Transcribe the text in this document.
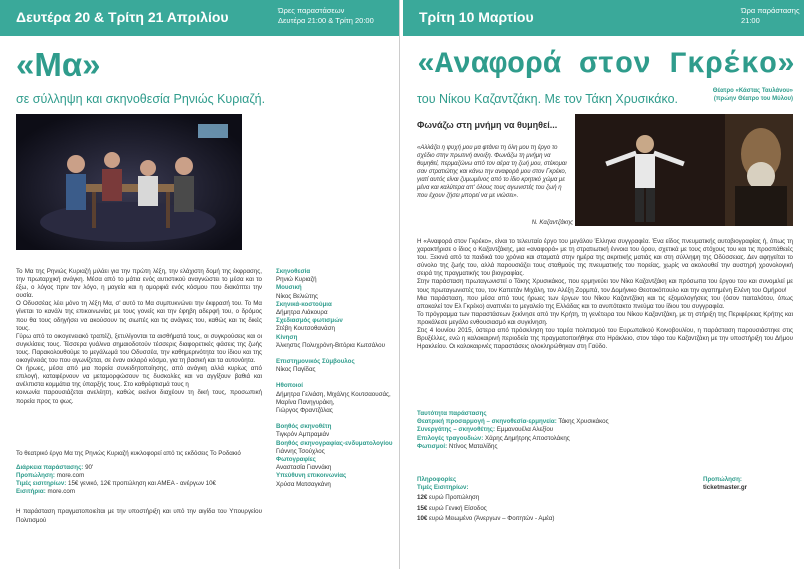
Δευτέρα 20 & Τρίτη 21 Απριλίου	Ώρες παραστάσεων
Δευτέρα 21:00 & Τρίτη 20:00
«Μα»
σε σύλληψη και σκηνοθεσία Ρηνιώς Κυριαζή.

Το Μα της Ρηνιώς Κυριαζή μιλάει για την πρώτη λέξη, την ελάχιστη δομή της έκφρασης, την πρωταρχική ανάγκη. Μέσα από το μάτια ενός αυτιστικού αναγνώστει το μέσα και το έξω, ο λόγος πριν τον λόγο, η μαγεία και η ομορφιά ενός κόσμου που διακόπτει την ουσία.

Ο Οδυσσέας λέει μόνο τη λέξη Μα, σ' αυτό το Μα συμπυκνώνει την έκφρασή του. Το Μα γίνεται το κανάλι της επικοινωνίας με τους γονείς και την έφηβη αδερφή του, ο δρόμος που θα τους οδηγήσει να ακούσουν τις σιωπές και τις ανάγκες του, καθώς και τις δικές τους.

Γύρω από το οικογενειακό τραπέζι, ξετυλίγονται τα αισθήματά τους, οι συγκρούσεις και οι συγκλίσεις τους. Τέσσερα γυάλινα σημαιοδοτούν τέσσερις διαφορετικές φάσεις της ζωής τους. Παρακολουθούμε το μεγάλωμά του Οδυσσέα, την καθημερινότητα του ίδιου και της οικογένειάς του που αγωνίζεται, σε έναν ακλαρό κόσμο, για τη βασική και τα αυτονόητα.

Οι ήρωες, μέσα από μια πορεία συνειδητοποίησης, από ανάγκη αλλά κυρίως από επιλογή, καταφέρνουν να μεταμορφώσουν τις δυσκολίες και να αγγίξουν βαθιά και ανέλπιστα κομμάτια της ύπαρξής τους. Στο καθρέφτισμά τους η

κοινωνία παρουσιάζεται ανελέητη, καθώς εκείνοι διαχέουν τη δική τους, προσωπική πορεία προς το φως.

Το θεατρικό έργο Μα της Ρηνιώς Κυριαζή κυκλοφορεί από τις εκδόσεις Το Ροδακιό

Διάρκεια παράστασης: 90'

Προπώληση: more.com

Τιμές εισιτηρίων: 15€ γενικό, 12€ προπώληση και ΑΜΕΑ - ανέργων 10€

Εισιτήρια: more.com

Η παράσταση πραγματοποιείται με την υποστήριξη και υπό την αιγίδα του Υπουργείου Πολιτισμού

Σκηνοθεσία
Ρηνιώ Κυριαζή
Μουσική
Νίκος Βελιώτης
Σκηνικά-κοστούμια
Δήμητρα Λιάκουρα
Σχεδιασμός φωτισμών
Στέβη Κουτσοθανάση
Κίνηση
Άλκηστις Πολυχρόνη-Βιτόρια Κωτσάλου
Επιστημονικός Σύμβουλος
Νίκος Παγίδας
Ηθοποιοί
Δήμητρα Γελιάση, Μιχάλης Κουτσαουσάς,
Μαρίνα Πανηγυράκη,
Γιώργος Φραντζόλας
Βοηθός σκηνοθέτη
Τιγκρόν Αμπραμιάν
Βοηθός σκηνογραφίας-ενδυματολογίου
Γιάννης Τσούχλος
Φωτογραφίες
Αναστασία Γιαννάκη
Υπεύθυνη επικοινωνίας
Χρύσα Ματσαγκάνη
Τρίτη 10 Μαρτίου	Ώρα παράστασης
21:00
«Αναφορά στον Γκρέκο»
του Νίκου Καζαντζάκη. Με τον Τάκη Χρυσικάκο.
Θέατρο «Κάστας Ταυλάνου»
(πρώην Θέατρο του Μύλου)
Φωνάζω στη μνήμη να θυμηθεί...
«Αλλάζει η ψυχή μου μα φτάνει τη όλη μου τη έργο το σχέδιο στην πρωτινή ανοιξη. Φωνάζω τη μνήμη να θυμηθεί, περμαζώνω από τον αέρα τη ζωή μου, στέκομαι σαν στρατιώτης και κάνω την αναφορά μου στον Γκρέκο, γιατί αυτός είναι ζυμωμένος από το ίδιο κρητικό χώμα με μένα και καλύτερα απ' όλους τους αγωνιστές του ζωή η που έχουν ζήσει μπορεί να με νιώσει».
Ν. Καζαντζάκης

Η «Αναφορά στον Γκρέκο», είναι το τελευταίο έργο του μεγάλου Έλληνα συγγραφέα. Ένα είδος πνευματικής αυτοβιογραφίας ή, όπως τη χαρακτήρισε ο ίδιος ο Καζαντζάκης, μια «αναφορά» με τη στρατιωτική έννοια του όρου, σχετικά με τους στόχους του και τις προσπάθειές του. Ξεκινά από τα παιδικά του χρόνια και σταματά στην ημέρα της ακριτικής ματιάς και στη σύλληψη της Οδύσσειας. Δεν αφηγείται το σύνολο της ζωής του, αλλά παρουσιάζει τους σταθμούς της πνευματικής του πορείας, χωρίς να ακολουθεί την αυστηρή χρονολογική σειρά της πραγματικής του βιογραφίας.

Στην παράσταση πρωταγωνιστεί ο Τάκης Χρυσικάκος, που ερμηνεύει τον Νίκο Καζαντζάκη και πρόσωπα του έργου του και συνομιλεί με τους πρωταγωνιστές του, τον Καπετάν Μιχάλη, τον Αλέξη Ζορμπά, τον Δομήνικο Θεοτοκόπουλο και την αγαπημένη Ελένη του Ομήρου!

Μια παράσταση, που μέσα από τους ήρωες των έργων του Νίκου Καζαντζάκη και τις εξομολογήσεις του (όσον παιταλότου, όπως αποκαλεί τον Ελ Γκρέκο) αναπνέει το μεγαλείο της Ελλάδας και το ανυπότακτο πνεύμα του ίδιου του συγγραφέα.

Το πρόγραμμα των παραστάσεων ξεκίνησε από την Κρήτη, τη γενέτειρα του Νίκου Καζαντζάκη, με τη στήριξη της Περιφέρειας Κρήτης και προκάλεσε μεγάλο ενθουσιασμό και συγκίνηση.

Στις 4 Ιουνίου 2015, ύστερα από πρόσκληση του τομέα πολιτισμού του Ευρωπαϊκού Κοινοβουλίου, η παράσταση παρουσιάστηκε στις Βρυξέλλες, ενώ η καλοκαιρινή περιοδεία της πραγματοποιήθηκε στο Ηράκλειο, στον τάφο του Καζαντζάκη με την υποστήριξη του Δήμου Ηρακλείου. Οι καλοκαιρινές παραστάσεις ολοκληρώθηκαν στη Γαύδο.

Ταυτότητα παράστασης
Θεατρική προσαρμογή – σκηνοθεσία-ερμηνεία: Τάκης Χρυσικάκος
Συνεργάτης – σκηνοθέτης: Εμμανουέλα Αλεξίου
Επιλογές τραγουδιών: Χάρης Δημήτρης Αποστολάκης
Φωτισμοί: Ντίνος Ματαλίδης
Πληροφορίες
Τιμές Εισιτηρίων:
12€ ευρώ Προπώληση
15€ ευρώ Γενική Είσοδος
10€ ευρώ Μειωμένο (Άνεργων – Φοιτητών - Αμέα)
Προπώληση:
ticketmaster.gr
